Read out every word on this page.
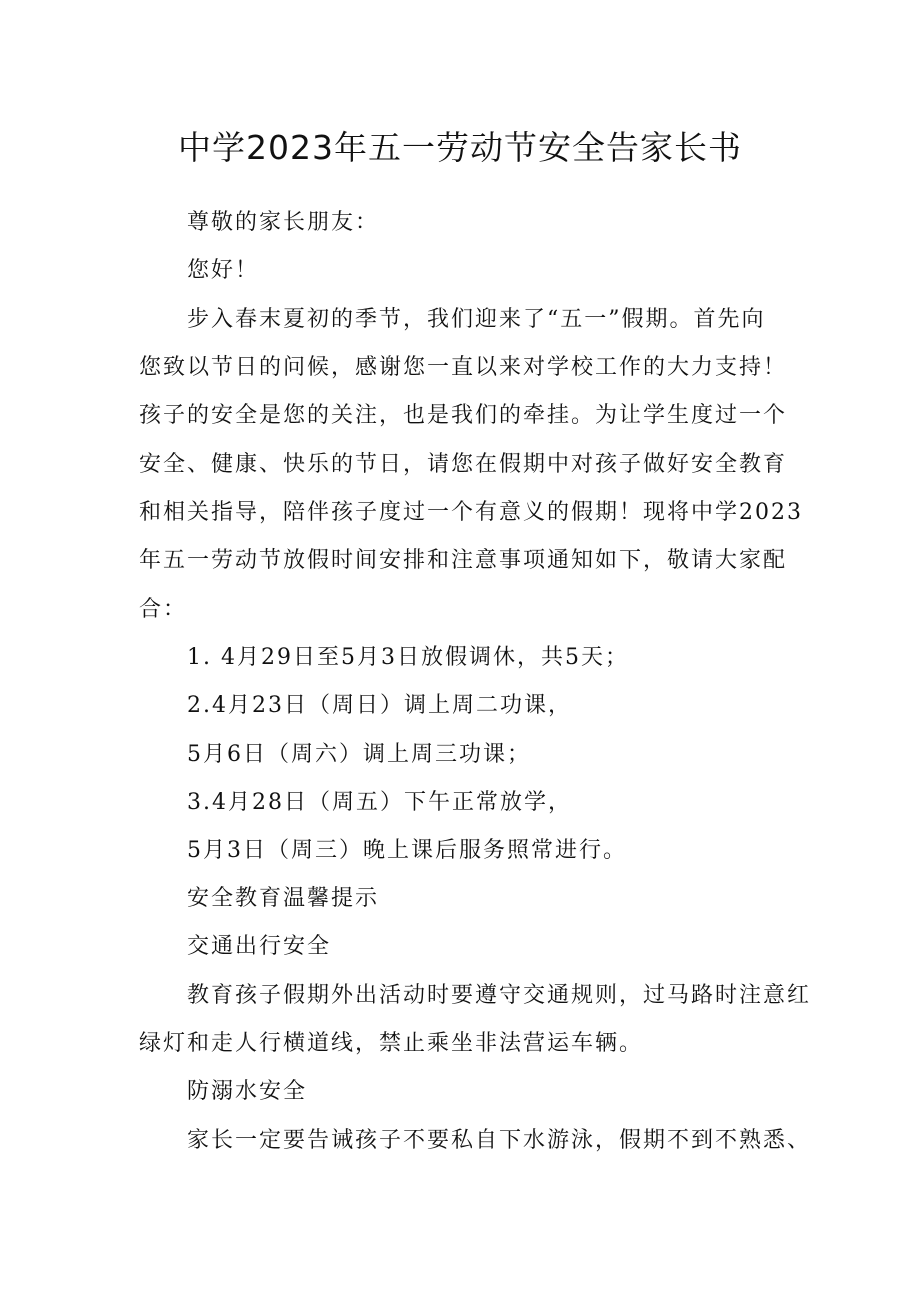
中学2023年五一劳动节安全告家长书

尊敬的家长朋友：

您好！

步入春末夏初的季节，我们迎来了“五一”假期。首先向

您致以节日的问候，感谢您一直以来对学校工作的大力支持！

孩子的安全是您的关注，也是我们的牵挂。为让学生度过一个

安全、健康、快乐的节日，请您在假期中对孩子做好安全教育

和相关指导，陪伴孩子度过一个有意义的假期！现将中学2023

年五一劳动节放假时间安排和注意事项通知如下，敬请大家配

合：

1. 4月29日至5月3日放假调休，共5天；

2.4月23日（周日）调上周二功课，

5月6日（周六）调上周三功课；

3.4月28日（周五）下午正常放学，

5月3日（周三）晚上课后服务照常进行。

安全教育温馨提示

交通出行安全

教育孩子假期外出活动时要遵守交通规则，过马路时注意红

绿灯和走人行横道线，禁止乘坐非法营运车辆。

防溺水安全

家长一定要告诫孩子不要私自下水游泳，假期不到不熟悉、
